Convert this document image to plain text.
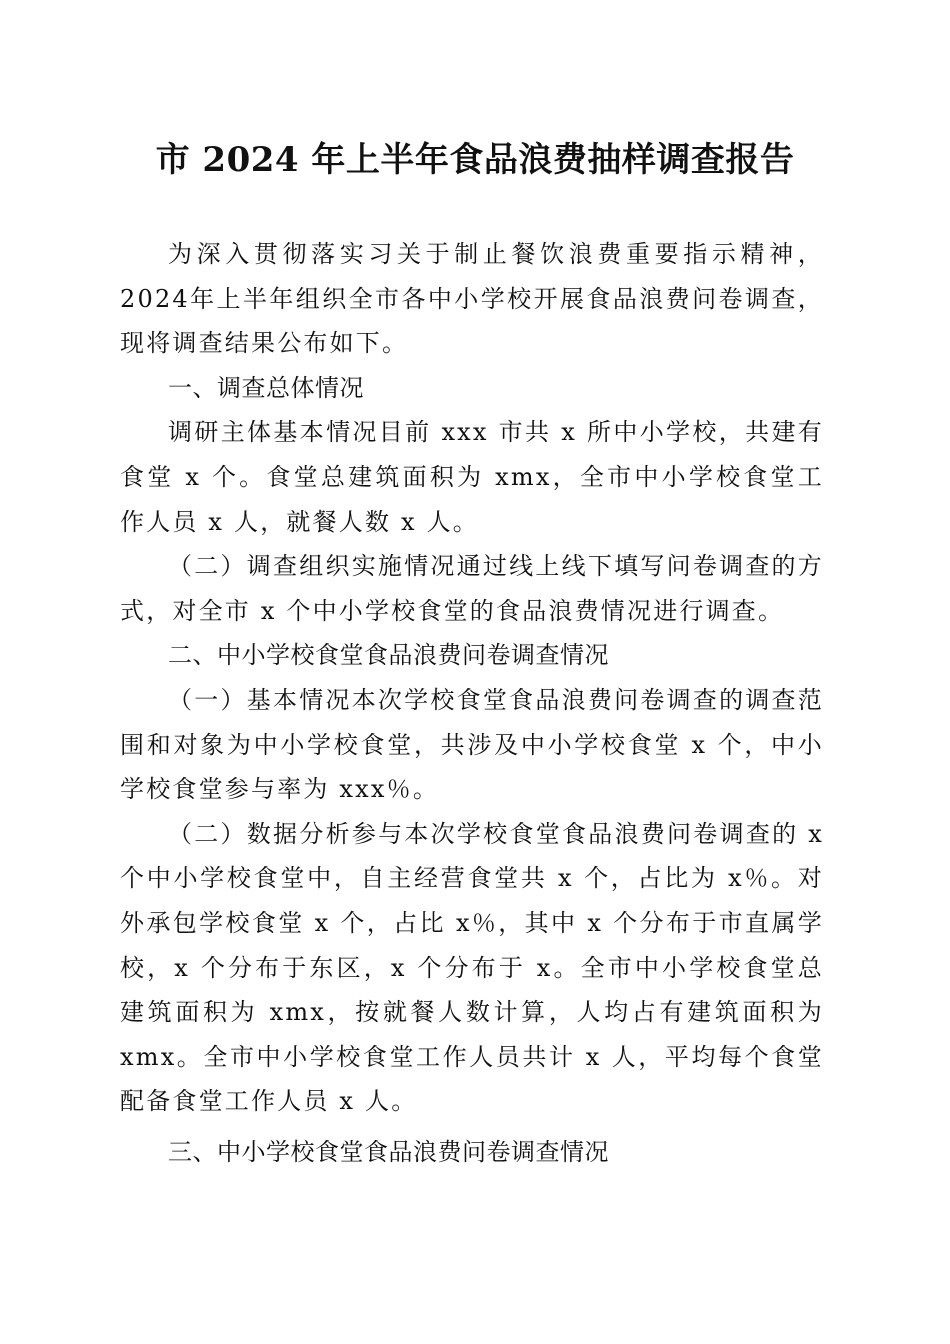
市 2024 年上半年食品浪费抽样调查报告

为深入贯彻落实习关于制止餐饮浪费重要指示精神，2024年上半年组织全市各中小学校开展食品浪费问卷调查，现将调查结果公布如下。

一、调查总体情况

调研主体基本情况目前 xxx 市共 x 所中小学校，共建有食堂 x 个。食堂总建筑面积为 xmx，全市中小学校食堂工作人员 x 人，就餐人数 x 人。

（二）调查组织实施情况通过线上线下填写问卷调查的方式，对全市 x 个中小学校食堂的食品浪费情况进行调查。

二、中小学校食堂食品浪费问卷调查情况

（一）基本情况本次学校食堂食品浪费问卷调查的调查范围和对象为中小学校食堂，共涉及中小学校食堂 x 个，中小学校食堂参与率为 xxx％。

（二）数据分析参与本次学校食堂食品浪费问卷调查的 x 个中小学校食堂中，自主经营食堂共 x 个，占比为 x％。对外承包学校食堂 x 个，占比 x％，其中 x 个分布于市直属学校，x 个分布于东区，x 个分布于 x。全市中小学校食堂总建筑面积为 xmx，按就餐人数计算，人均占有建筑面积为 xmx。全市中小学校食堂工作人员共计 x 人，平均每个食堂配备食堂工作人员 x 人。

三、中小学校食堂食品浪费问卷调查情况
